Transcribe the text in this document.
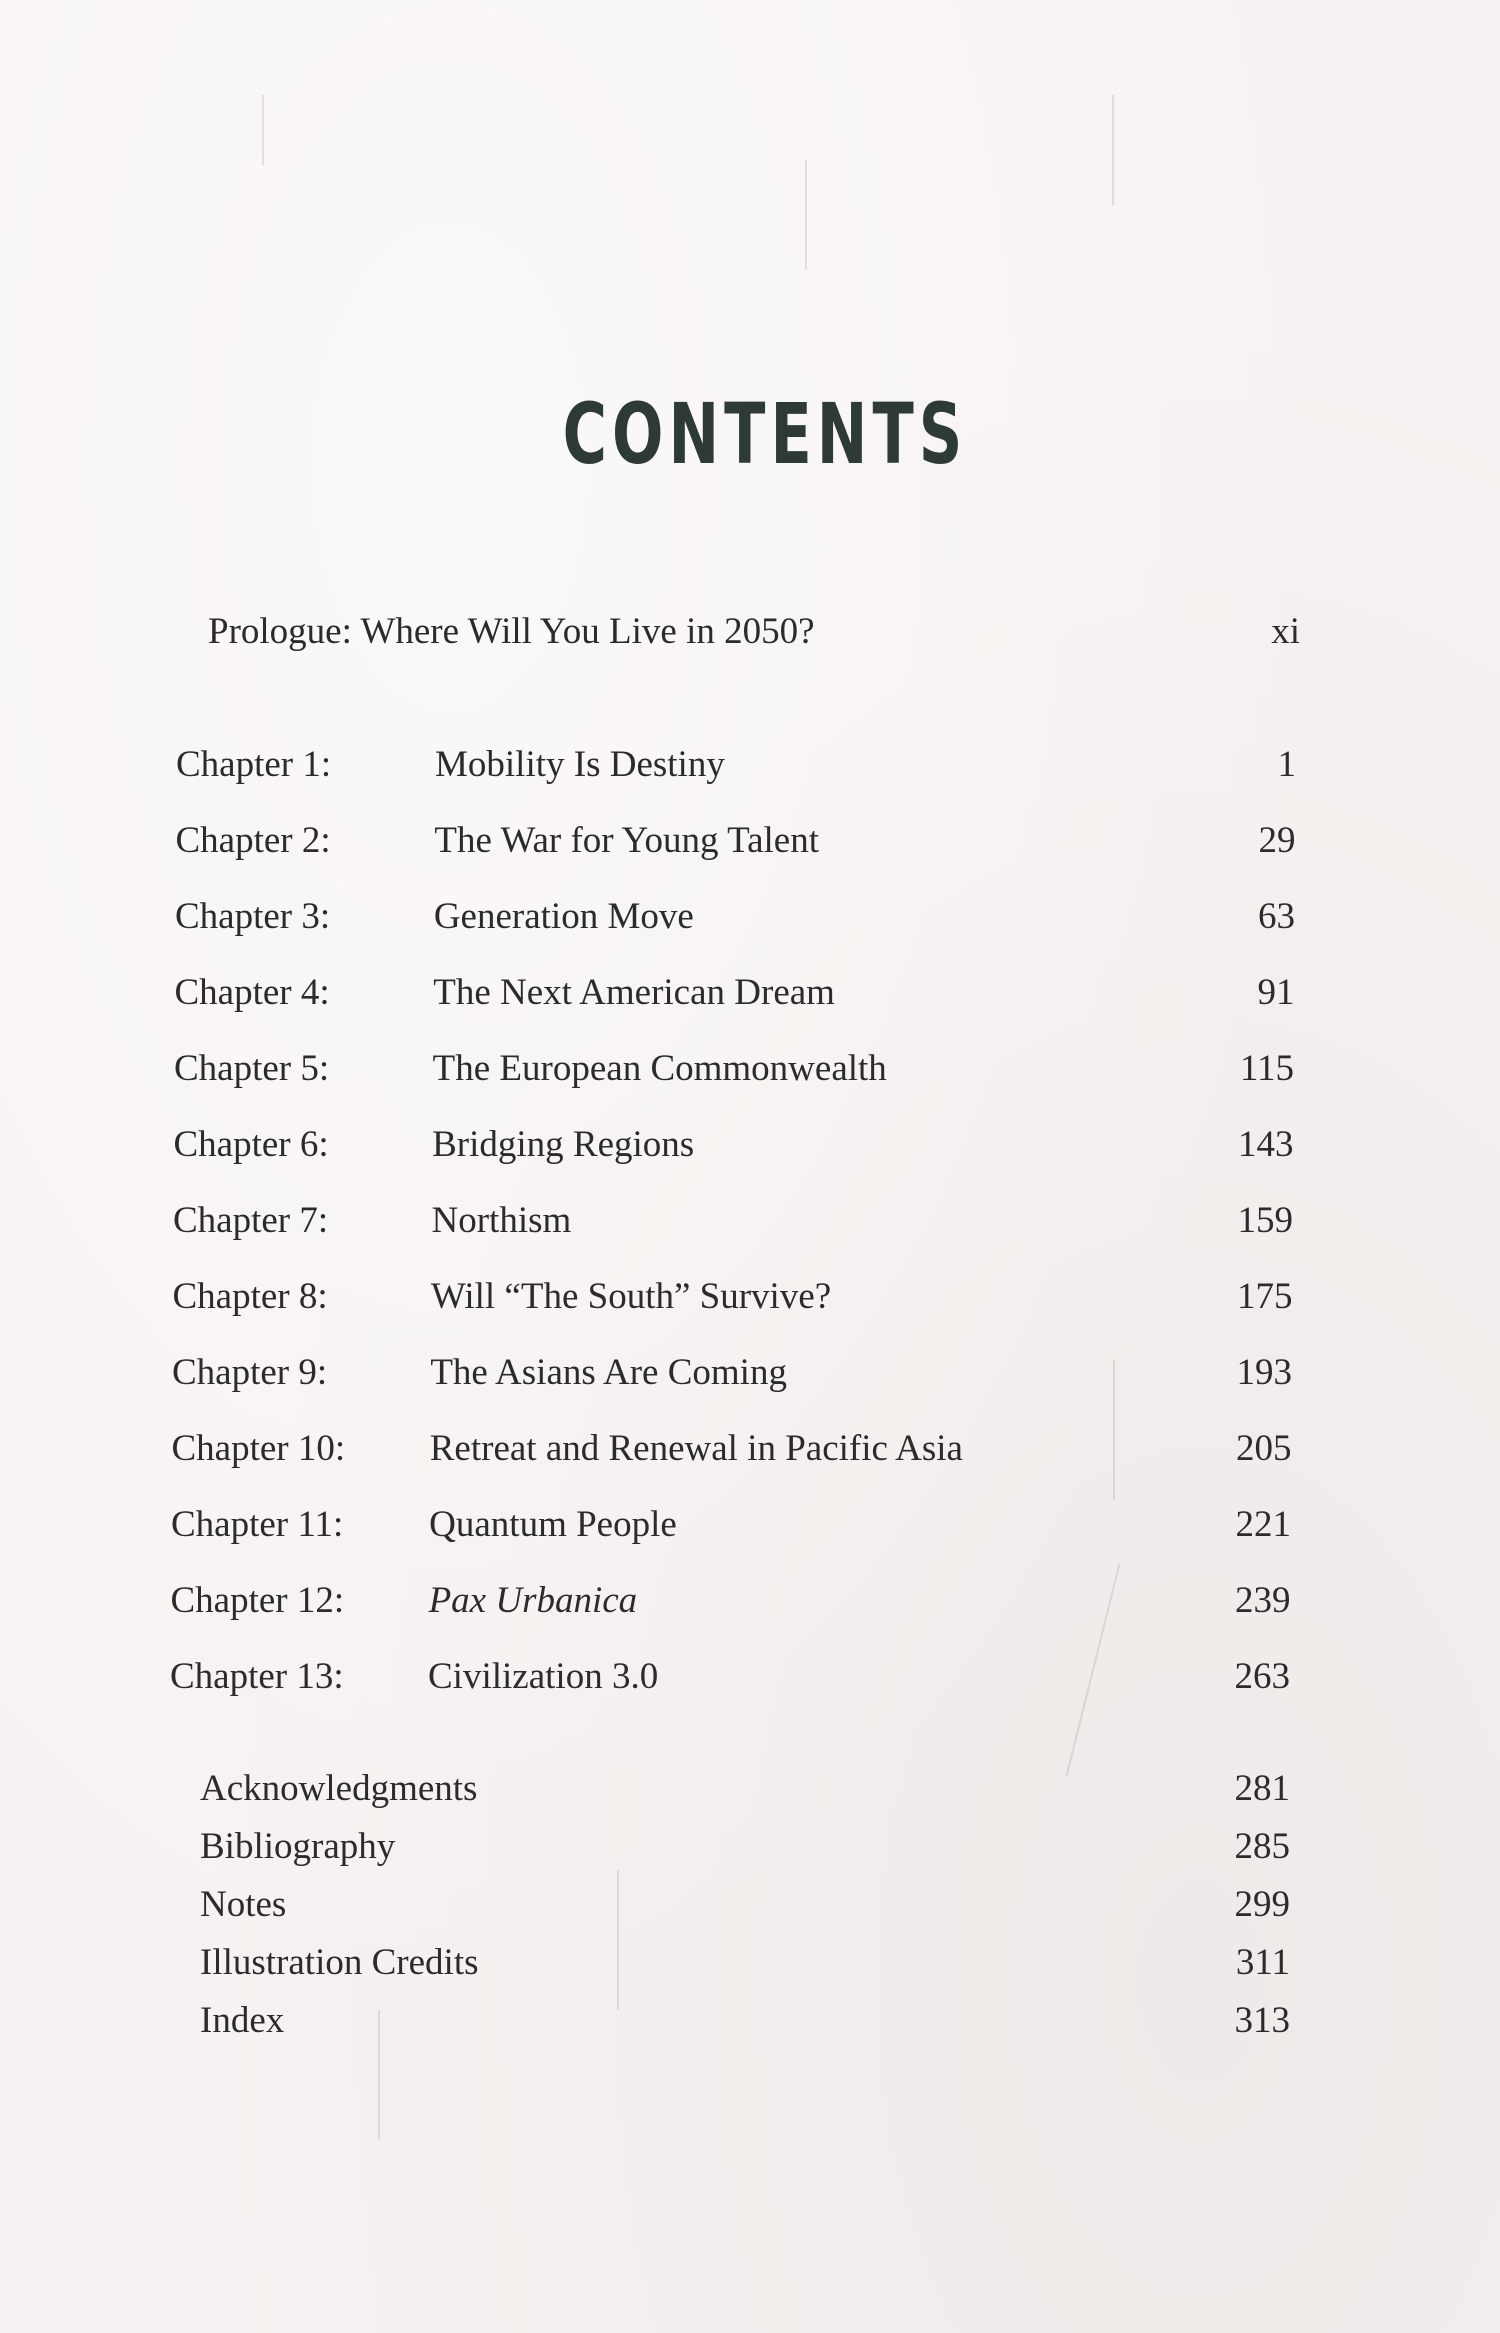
CONTENTS
Prologue: Where Will You Live in 2050?	xi
Chapter 1:	Mobility Is Destiny	1
Chapter 2:	The War for Young Talent	29
Chapter 3:	Generation Move	63
Chapter 4:	The Next American Dream	91
Chapter 5:	The European Commonwealth	115
Chapter 6:	Bridging Regions	143
Chapter 7:	Northism	159
Chapter 8:	Will “The South” Survive?	175
Chapter 9:	The Asians Are Coming	193
Chapter 10: Retreat and Renewal in Pacific Asia	205
Chapter 11: Quantum People	221
Chapter 12: Pax Urbanica	239
Chapter 13: Civilization 3.0	263
Acknowledgments	281
Bibliography	285
Notes	299
Illustration Credits	311
Index	313
